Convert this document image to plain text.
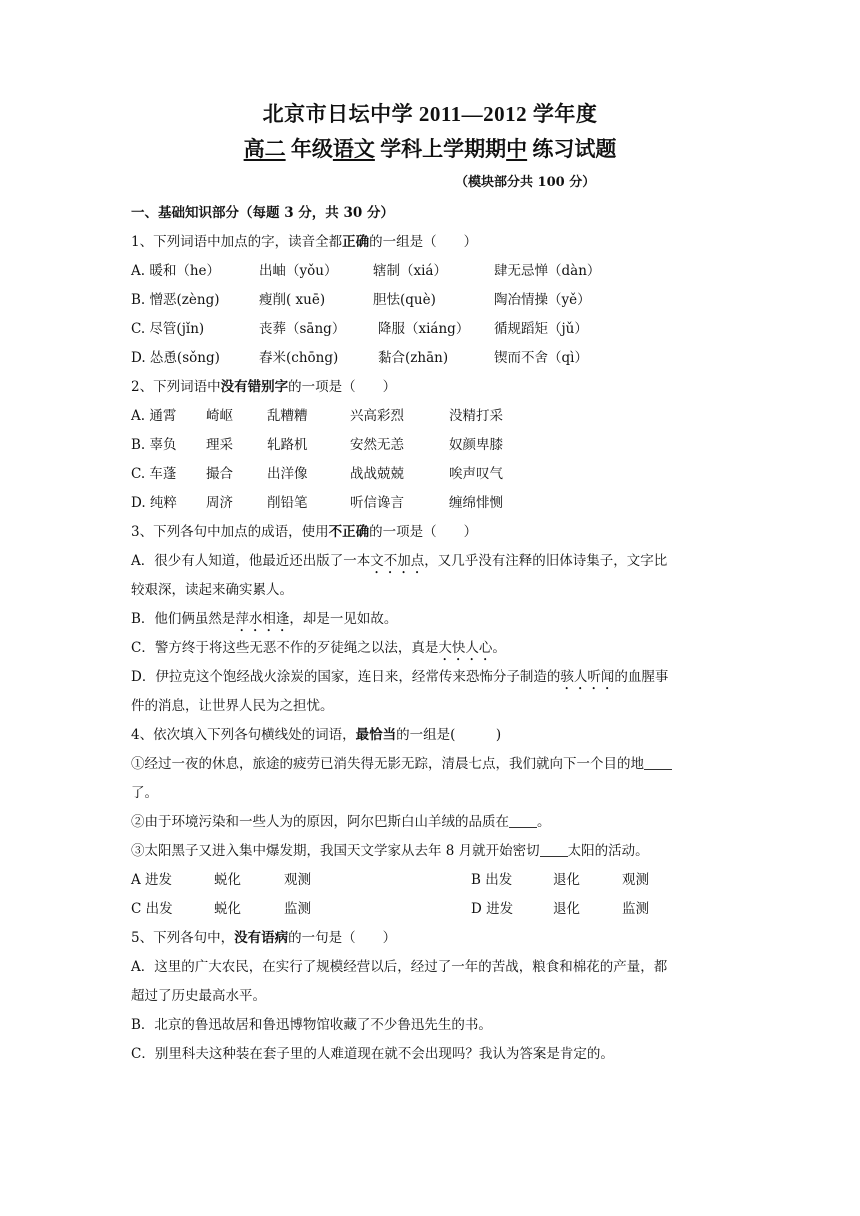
北京市日坛中学 2011—2012 学年度
高二 年级语文 学科上学期期中 练习试题
（模块部分共 100 分）
一、基础知识部分（每题 3 分，共 30 分）
1、下列词语中加点的字，读音全都正确的一组是（　　）
A. 暖和（he）	出岫（yǒu）	辖制（xiá）	肆无忌惮（dàn）
B. 憎恶(zèng)	瘦削( xuē)	胆怯(què)	陶冶情操（yě）
C. 尽管(jǐn)	丧葬（sāng） 降服（xiáng） 循规蹈矩（jǔ）
D. 怂恿(sǒng)	舂米(chōng)	黏合(zhān)	锲而不舍（qì）
2、下列词语中没有错别字的一项是（　　）
A. 通霄 崎岖	乱糟糟	兴高彩烈	没精打采
B. 辜负 理采	轧路机	安然无恙	奴颜卑膝
C. 车蓬 撮合	出洋像	战战兢兢	唉声叹气
D. 纯粹 周济	削铅笔	听信谗言	缠绵悱恻
3、下列各句中加点的成语，使用不正确的一项是（　　）
A．很少有人知道，他最近还出版了一本文不加点，又几乎没有注释的旧体诗集子，文字比
较艰深，读起来确实累人。
B．他们俩虽然是萍水相逢，却是一见如故。
C．警方终于将这些无恶不作的歹徒绳之以法，真是大快人心。
D．伊拉克这个饱经战火涂炭的国家，连日来，经常传来恐怖分子制造的骇人听闻的血腥事
件的消息，让世界人民为之担忧。
4、依次填入下列各句横线处的词语，最恰当的一组是(　　　)
①经过一夜的休息，旅途的疲劳已消失得无影无踪，清晨七点，我们就向下一个目的地
了。
②由于环境污染和一些人为的原因，阿尔巴斯白山羊绒的品质在 。
③太阳黑子又进入集中爆发期，我国天文学家从去年 8 月就开始密切 太阳的活动。
A 进发	蜕化	观测	B 出发	退化	观测
C 出发	蜕化	监测	D 进发	退化	监测
5、下列各句中，没有语病的一句是（　　）
A．这里的广大农民，在实行了规模经营以后，经过了一年的苦战，粮食和棉花的产量，都
超过了历史最高水平。
B．北京的鲁迅故居和鲁迅博物馆收藏了不少鲁迅先生的书。
C．别里科夫这种装在套子里的人难道现在就不会出现吗？我认为答案是肯定的。
